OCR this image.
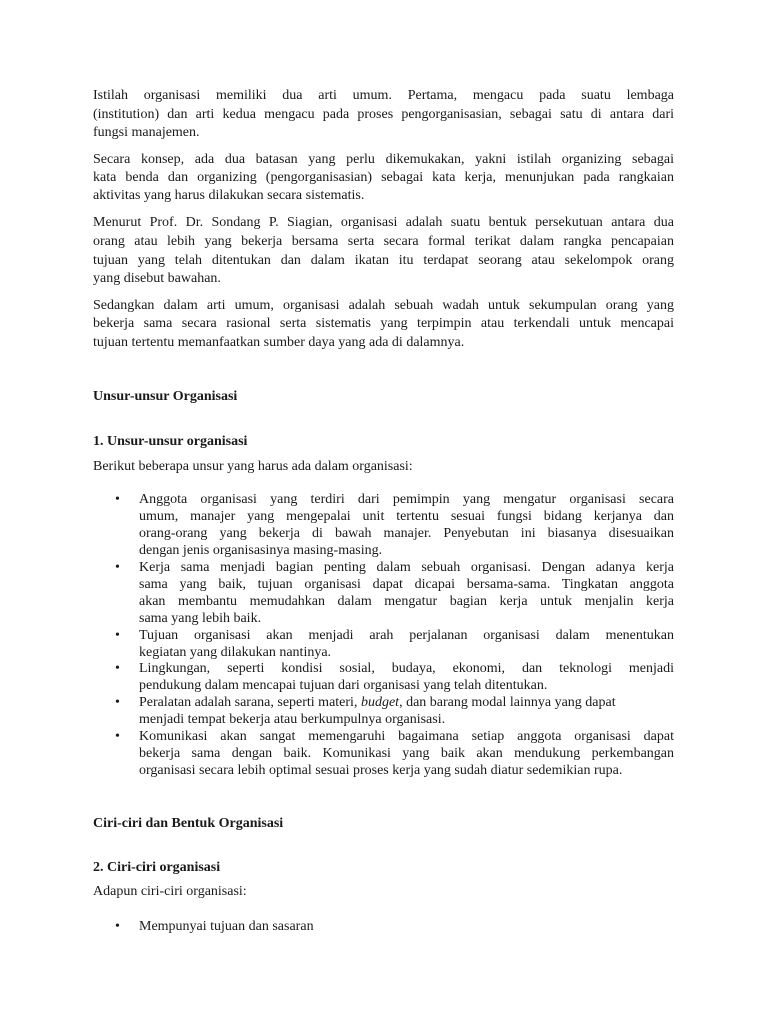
Istilah organisasi memiliki dua arti umum. Pertama, mengacu pada suatu lembaga
(institution) dan arti kedua mengacu pada proses pengorganisasian, sebagai satu di antara dari
fungsi manajemen.
Secara konsep, ada dua batasan yang perlu dikemukakan, yakni istilah organizing sebagai
kata benda dan organizing (pengorganisasian) sebagai kata kerja, menunjukan pada rangkaian
aktivitas yang harus dilakukan secara sistematis.
Menurut Prof. Dr. Sondang P. Siagian, organisasi adalah suatu bentuk persekutuan antara dua
orang atau lebih yang bekerja bersama serta secara formal terikat dalam rangka pencapaian
tujuan yang telah ditentukan dan dalam ikatan itu terdapat seorang atau sekelompok orang
yang disebut bawahan.
Sedangkan dalam arti umum, organisasi adalah sebuah wadah untuk sekumpulan orang yang
bekerja sama secara rasional serta sistematis yang terpimpin atau terkendali untuk mencapai
tujuan tertentu memanfaatkan sumber daya yang ada di dalamnya.
Unsur-unsur Organisasi
1. Unsur-unsur organisasi
Berikut beberapa unsur yang harus ada dalam organisasi:
•	Anggota organisasi yang terdiri dari pemimpin yang mengatur organisasi secara
umum, manajer yang mengepalai unit tertentu sesuai fungsi bidang kerjanya dan
orang-orang yang bekerja di bawah manajer. Penyebutan ini biasanya disesuaikan
dengan jenis organisasinya masing-masing.
•	Kerja sama menjadi bagian penting dalam sebuah organisasi. Dengan adanya kerja
sama yang baik, tujuan organisasi dapat dicapai bersama-sama. Tingkatan anggota
akan membantu memudahkan dalam mengatur bagian kerja untuk menjalin kerja
sama yang lebih baik.
•	Tujuan organisasi akan menjadi arah perjalanan organisasi dalam menentukan
kegiatan yang dilakukan nantinya.
•	Lingkungan, seperti kondisi sosial, budaya, ekonomi, dan teknologi menjadi
pendukung dalam mencapai tujuan dari organisasi yang telah ditentukan.
•	Peralatan adalah sarana, seperti materi, budget, dan barang modal lainnya yang dapat
menjadi tempat bekerja atau berkumpulnya organisasi.
•	Komunikasi akan sangat memengaruhi bagaimana setiap anggota organisasi dapat
bekerja sama dengan baik. Komunikasi yang baik akan mendukung perkembangan
organisasi secara lebih optimal sesuai proses kerja yang sudah diatur sedemikian rupa.
Ciri-ciri dan Bentuk Organisasi
2. Ciri-ciri organisasi
Adapun ciri-ciri organisasi:
•	Mempunyai tujuan dan sasaran
